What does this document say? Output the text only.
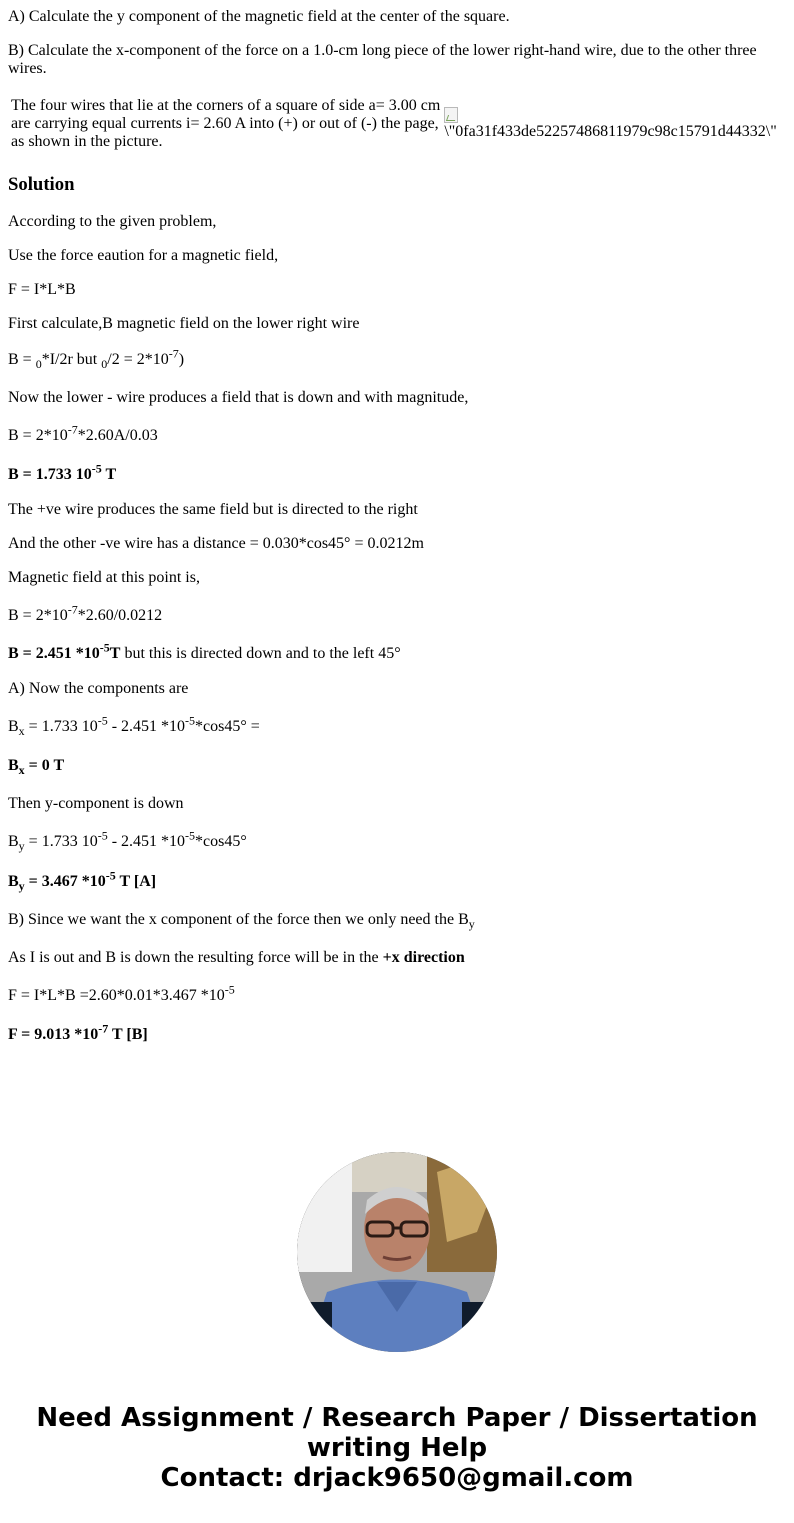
A) Calculate the y component of the magnetic field at the center of the square.

B) Calculate the x-component of the force on a 1.0-cm long piece of the lower right-hand wire, due to the other three wires.

The four wires that lie at the corners of a square of side a= 3.00 cm
are carrying equal currents i= 2.60 A into (+) or out of (-) the page,
as shown in the picture.	
\"0fa31f433de52257486811979c98c15791d44332\"
Solution

According to the given problem,

Use the force eaution for a magnetic field,

F = I*L*B

First calculate,B magnetic field on the lower right wire

B = $_0$*I/2r but $_0/2 = 2*10^{-7}$)

Now the lower - wire produces a field that is down and with magnitude,

$B = 2*10^{-7}*2.60A/0.03$

B = 1.733 $10^{-5}$ T

The +ve wire produces the same field but is directed to the right

And the other -ve wire has a distance = 0.030*cos45° = 0.0212m

Magnetic field at this point is,

$B = 2*10^{-7}*2.60/0.0212$

B = 2.451 $*10^{-5}T$ but this is directed down and to the left 45°

A) Now the components are

$B_x = 1.733$ $10^{-5} - 2.451$ $*10^{-5}*\cos 45^\circ$ =

$B_x = 0$ T

Then y-component is down

$B_y = 1.733$ $10^{-5} - 2.451$ $*10^{-5}*\cos 45^\circ$

$B_y = 3.467$ $*10^{-5}$ T [A]

B) Since we want the x component of the force then we only need the $B_y$

As I is out and B is down the resulting force will be in the +x direction

F = I*L*B =2.60*0.01*3.467 $*10^{-5}$

F = 9.013 $*10^{-7}$ T [B]

Need Assignment / Research Paper / Dissertation
writing Help
Contact: drjack9650@gmail.com
